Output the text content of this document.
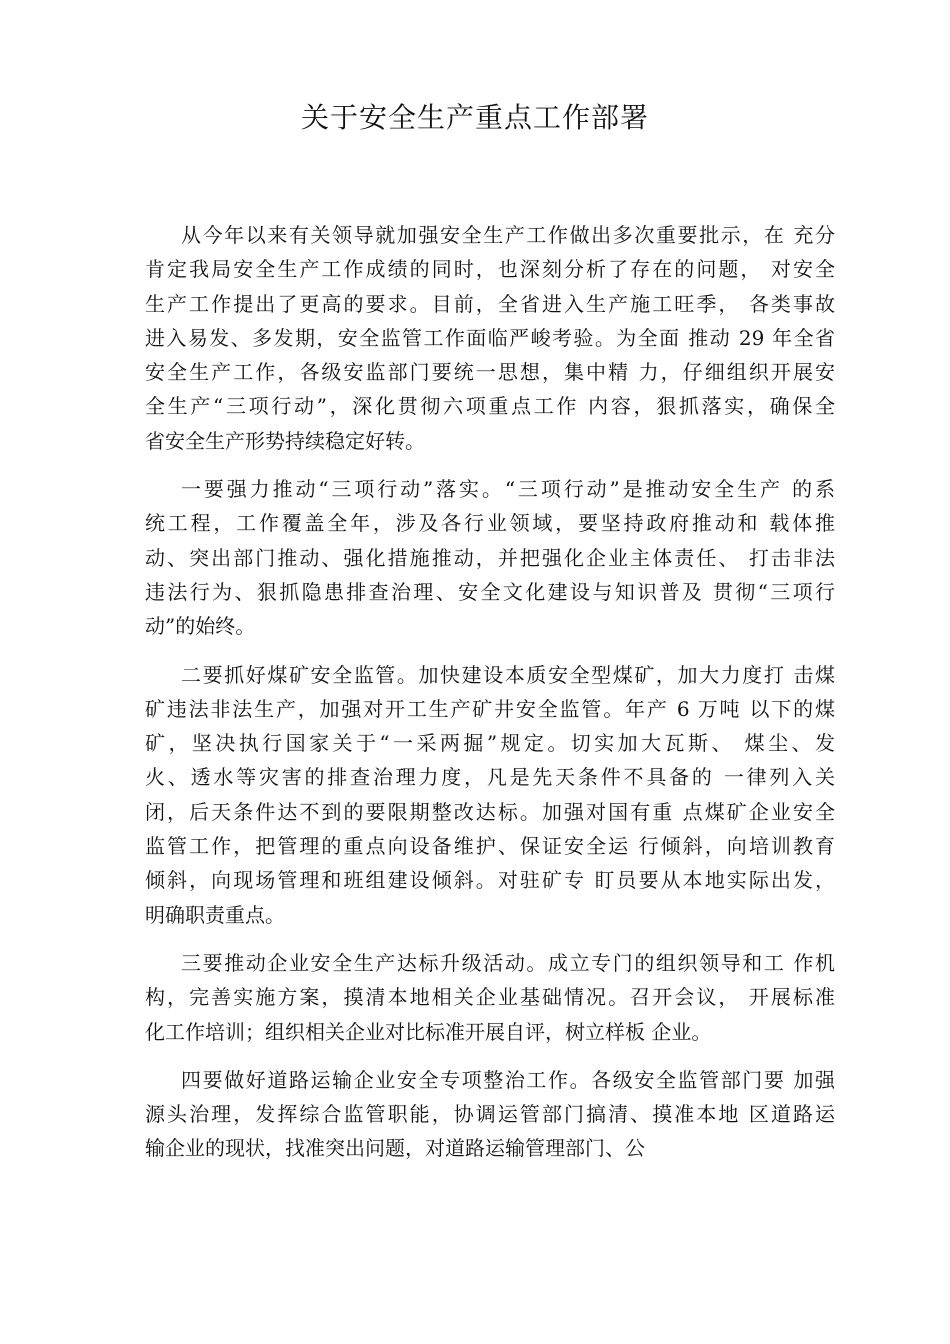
关于安全生产重点工作部署

从今年以来有关领导就加强安全生产工作做出多次重要批示，在 充分
肯定我局安全生产工作成绩的同时，也深刻分析了存在的问题， 对安全
生产工作提出了更高的要求。目前，全省进入生产施工旺季， 各类事故
进入易发、多发期，安全监管工作面临严峻考验。为全面 推动 29 年全省
安全生产工作，各级安监部门要统一思想，集中精 力，仔细组织开展安
全生产“三项行动”，深化贯彻六项重点工作 内容，狠抓落实，确保全
省安全生产形势持续稳定好转。

一要强力推动“三项行动”落实。“三项行动”是推动安全生产 的系
统工程，工作覆盖全年，涉及各行业领域，要坚持政府推动和 载体推
动、突出部门推动、强化措施推动，并把强化企业主体责任、 打击非法
违法行为、狠抓隐患排查治理、安全文化建设与知识普及 贯彻“三项行
动”的始终。

二要抓好煤矿安全监管。加快建设本质安全型煤矿，加大力度打 击煤
矿违法非法生产，加强对开工生产矿井安全监管。年产 6 万吨 以下的煤
矿，坚决执行国家关于“一采两掘”规定。切实加大瓦斯、 煤尘、发
火、透水等灾害的排查治理力度，凡是先天条件不具备的 一律列入关
闭，后天条件达不到的要限期整改达标。加强对国有重 点煤矿企业安全
监管工作，把管理的重点向设备维护、保证安全运 行倾斜，向培训教育
倾斜，向现场管理和班组建设倾斜。对驻矿专 盯员要从本地实际出发，
明确职责重点。

三要推动企业安全生产达标升级活动。成立专门的组织领导和工 作机
构，完善实施方案，摸清本地相关企业基础情况。召开会议， 开展标准
化工作培训；组织相关企业对比标准开展自评，树立样板 企业。

四要做好道路运输企业安全专项整治工作。各级安全监管部门要 加强
源头治理，发挥综合监管职能，协调运管部门搞清、摸准本地 区道路运
输企业的现状，找准突出问题，对道路运输管理部门、公
